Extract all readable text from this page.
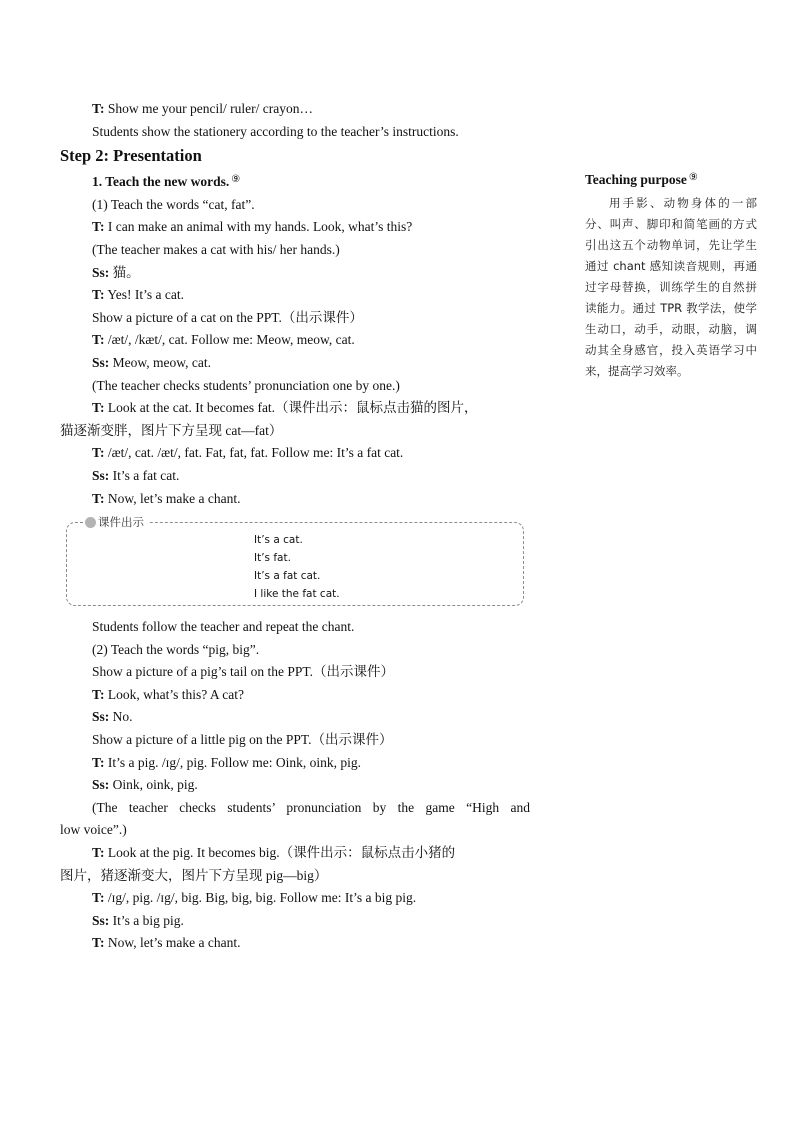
T: Show me your pencil/ ruler/ crayon…
Students show the stationery according to the teacher’s instructions.
Step 2: Presentation
1. Teach the new words. ⑨
(1) Teach the words “cat, fat”.
T: I can make an animal with my hands. Look, what’s this?
(The teacher makes a cat with his/ her hands.)
Ss: 猫。
T: Yes! It’s a cat.
Show a picture of a cat on the PPT.（出示课件）
T: /æt/, /kæt/, cat. Follow me: Meow, meow, cat.
Ss: Meow, meow, cat.
(The teacher checks students’ pronunciation one by one.)
T: Look at the cat. It becomes fat.（课件出示：鼠标点击猫的图片，
猫逐渐变胖，图片下方呈现 cat—fat）
T: /æt/, cat. /æt/, fat. Fat, fat, fat. Follow me: It’s a fat cat.
Ss: It’s a fat cat.
T: Now, let’s make a chant.
课件出示
It’s a cat.
It’s fat.
It’s a fat cat.
I like the fat cat.
Students follow the teacher and repeat the chant.
(2) Teach the words “pig, big”.
Show a picture of a pig’s tail on the PPT.（出示课件）
T: Look, what’s this? A cat?
Ss: No.
Show a picture of a little pig on the PPT.（出示课件）
T: It’s a pig. /ɪg/, pig. Follow me: Oink, oink, pig.
Ss: Oink, oink, pig.
(The teacher checks students’ pronunciation by the game “High and
low voice”.)
T: Look at the pig. It becomes big.（课件出示：鼠标点击小猪的
图片，猪逐渐变大，图片下方呈现 pig—big）
T: /ɪg/, pig. /ɪg/, big. Big, big, big. Follow me: It’s a big pig.
Ss: It’s a big pig.
T: Now, let’s make a chant.
Teaching purpose ⑨
用手影、动物身体的一部分、叫声、脚印和简笔画的方式引出这五个动物单词，先让学生通过 chant 感知读音规则，再通过字母替换，训练学生的自然拼读能力。通过 TPR 教学法，使学生动口，动手，动眼，动脑，调动其全身感官，投入英语学习中来，提高学习效率。
